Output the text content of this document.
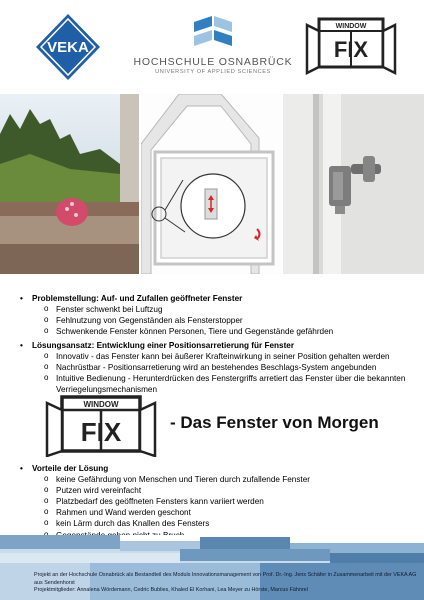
VEKA
HOCHSCHULE OSNABRÜCK
UNIVERSITY OF APPLIED SCIENCES
WINDOW
FIX
• Problemstellung: Auf- und Zufallen geöffneter Fenster
o Fenster schwenkt bei Luftzug
o Fehlnutzung von Gegenständen als Fensterstopper
o Schwenkende Fenster können Personen, Tiere und Gegenstände gefährden
• Lösungsansatz: Entwicklung einer Positionsarretierung für Fenster
o Innovativ - das Fenster kann bei äußerer Krafteinwirkung in seiner Position gehalten werden
o Nachrüstbar - Positionsarretierung wird an bestehendes Beschlags-System angebunden
o Intuitive Bedienung - Herunterdrücken des Fenstergriffs arretiert das Fenster über die bekannten Verriegelungsmechanismen
WINDOW
FIX	- Das Fenster von Morgen
• Vorteile der Lösung
o keine Gefährdung von Menschen und Tieren durch zufallende Fenster
o Putzen wird vereinfacht
o Platzbedarf des geöffneten Fensters kann variiert werden
o Rahmen und Wand werden geschont
o kein Lärm durch das Knallen des Fensters
o
Projekt an der Hochschule Osnabrück als Bestandteil des Moduls Innovationsmanagement von Prof. Dr.-Ing. Jens Schäfer in Zusammenarbeit mit der VEKA AG aus Sendenhorst
Projektmitglieder: Annalena Wördemann, Cedric Bublies, Khaled El Korhani, Lea Meyer zu Hörste, Marcus Fähnrel
